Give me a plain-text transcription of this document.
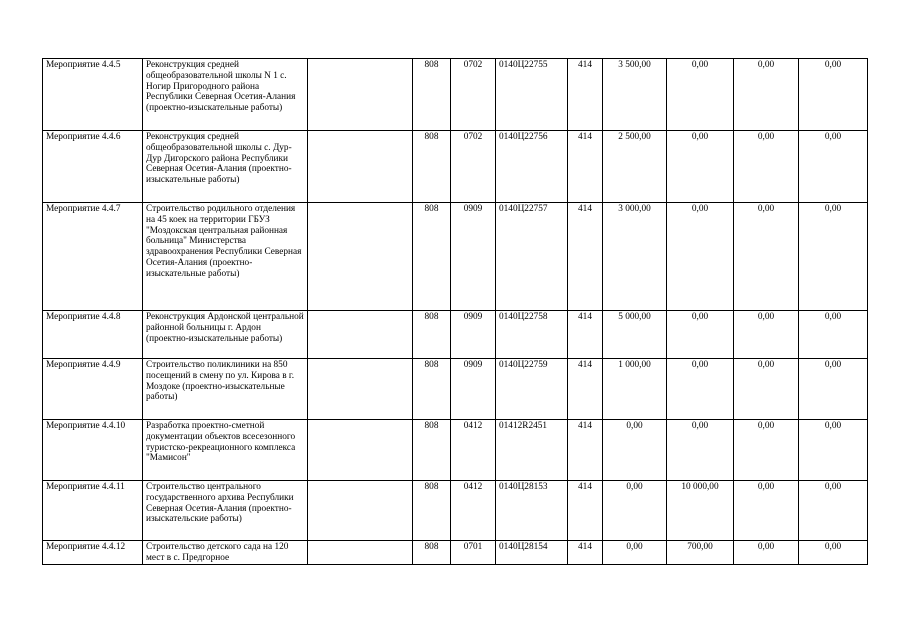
Мероприятие 4.4.5	Реконструкция средней общеобразовательной школы N 1 с. Ногир Пригородного района Республики Северная Осетия-Алания (проектно-изыскательные работы)		808	0702	0140Ц22755	414	3 500,00	0,00	0,00	0,00
Мероприятие 4.4.6	Реконструкция средней общеобразовательной школы с. Дур-Дур Дигорского района Республики Северная Осетия-Алания (проектно-изыскательные работы)		808	0702	0140Ц22756	414	2 500,00	0,00	0,00	0,00
Мероприятие 4.4.7	Строительство родильного отделения на 45 коек на территории ГБУЗ "Моздокская центральная районная больница" Министерства здравоохранения Республики Северная Осетия-Алания (проектно-изыскательные работы)		808	0909	0140Ц22757	414	3 000,00	0,00	0,00	0,00
Мероприятие 4.4.8	Реконструкция Ардонской центральной районной больницы г. Ардон (проектно-изыскательные работы)		808	0909	0140Ц22758	414	5 000,00	0,00	0,00	0,00
Мероприятие 4.4.9	Строительство поликлиники на 850 посещений в смену по ул. Кирова в г. Моздоке (проектно-изыскательные работы)		808	0909	0140Ц22759	414	1 000,00	0,00	0,00	0,00
Мероприятие 4.4.10	Разработка проектно-сметной документации объектов всесезонного туристско-рекреационного комплекса "Мамисон"		808	0412	01412R2451	414	0,00	0,00	0,00	0,00
Мероприятие 4.4.11	Строительство центрального государственного архива Республики Северная Осетия-Алания (проектно-изыскательские работы)		808	0412	0140Ц28153	414	0,00	10 000,00	0,00	0,00
Мероприятие 4.4.12	Строительство детского сада на 120 мест в с. Предгорное		808	0701	0140Ц28154	414	0,00	700,00	0,00	0,00
